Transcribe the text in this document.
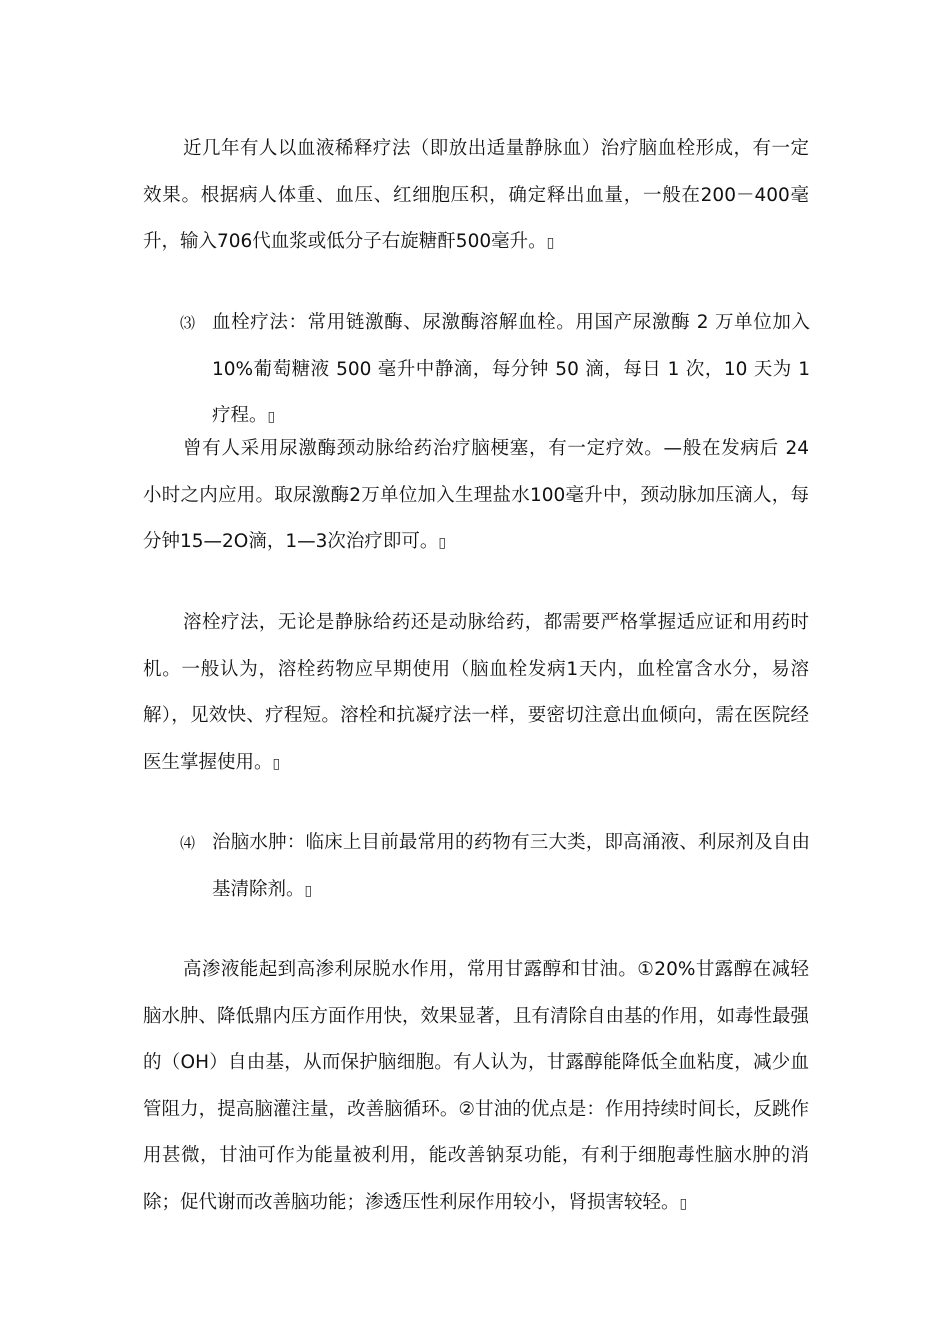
近几年有人以血液稀释疗法（即放出适量静脉血）治疗脑血栓形成，有一定效果。根据病人体重、血压、红细胞压积，确定释出血量，一般在200－400毫升，输入706代血浆或低分子右旋糖酐500毫升。▯

⑶ 血栓疗法：常用链激酶、尿激酶溶解血栓。用国产尿激酶 2 万单位加入10%葡萄糖液 500 毫升中静滴，每分钟 50 滴，每日 1 次，10 天为 1 疗程。▯

曾有人采用尿激酶颈动脉给药治疗脑梗塞，有一定疗效。—般在发病后 24 小时之内应用。取尿激酶2万单位加入生理盐水100毫升中，颈动脉加压滴人，每分钟15—2O滴，1—3次治疗即可。▯

溶栓疗法，无论是静脉给药还是动脉给药，都需要严格掌握适应证和用药时机。一般认为，溶栓药物应早期使用（脑血栓发病1天内，血栓富含水分，易溶解），见效快、疗程短。溶栓和抗凝疗法一样，要密切注意出血倾向，需在医院经医生掌握使用。▯

⑷ 治脑水肿：临床上目前最常用的药物有三大类，即高涌液、利尿剂及自由基清除剂。▯

高渗液能起到高渗利尿脱水作用，常用甘露醇和甘油。①20%甘露醇在减轻脑水肿、降低鼎内压方面作用快，效果显著，且有清除自由基的作用，如毒性最强的（OH）自由基，从而保护脑细胞。有人认为，甘露醇能降低全血粘度，减少血管阻力，提高脑灌注量，改善脑循环。②甘油的优点是：作用持续时间长，反跳作用甚微，甘油可作为能量被利用，能改善钠泵功能，有利于细胞毒性脑水肿的消除；促代谢而改善脑功能；渗透压性利尿作用较小，肾损害较轻。▯
